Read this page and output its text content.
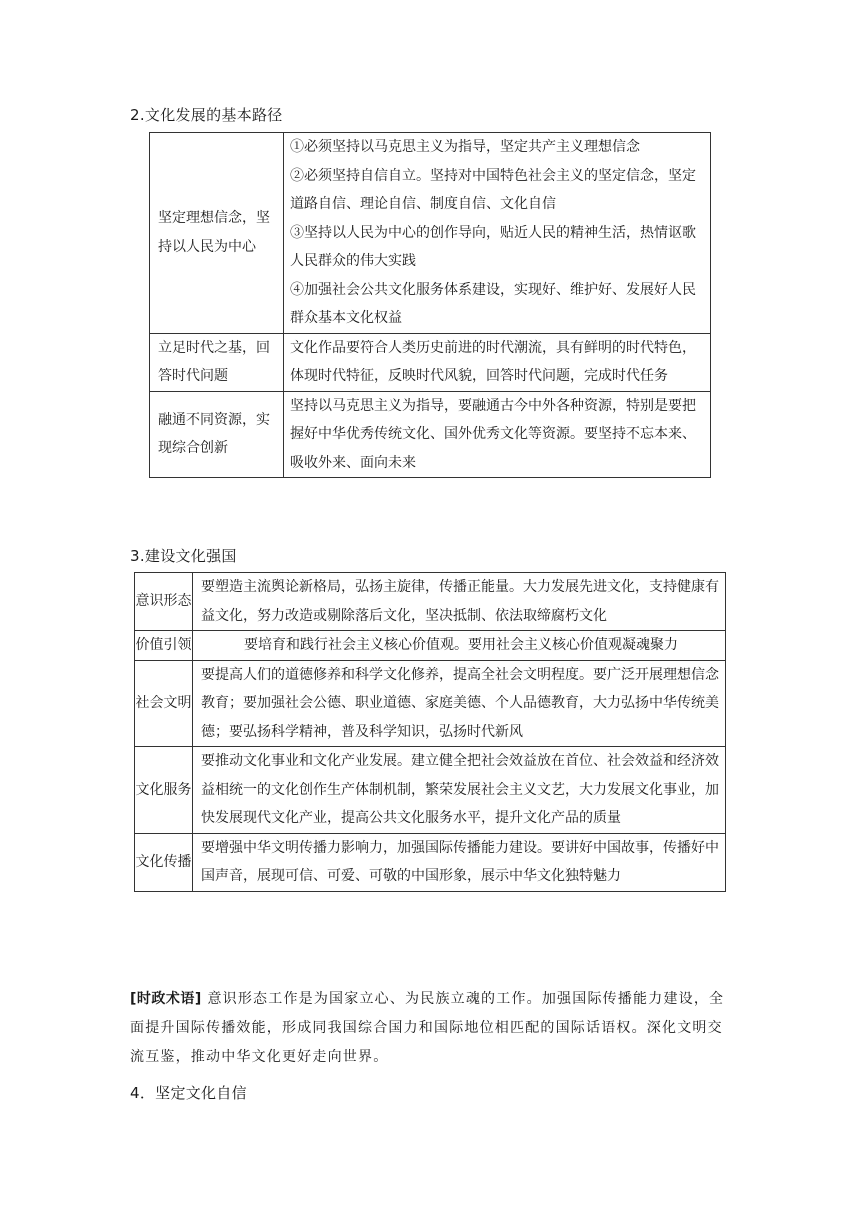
2.文化发展的基本路径
坚定理想信念，坚持以人民为中心	①必须坚持以马克思主义为指导，坚定共产主义理想信念

②必须坚持自信自立。坚持对中国特色社会主义的坚定信念，坚定道路自信、理论自信、制度自信、文化自信

③坚持以人民为中心的创作导向，贴近人民的精神生活，热情讴歌人民群众的伟大实践

④加强社会公共文化服务体系建设，实现好、维护好、发展好人民群众基本文化权益

立足时代之基，回答时代问题	文化作品要符合人类历史前进的时代潮流，具有鲜明的时代特色，体现时代特征，反映时代风貌，回答时代问题，完成时代任务

融通不同资源，实现综合创新	坚持以马克思主义为指导，要融通古今中外各种资源，特别是要把握好中华优秀传统文化、国外优秀文化等资源。要坚持不忘本来、吸收外来、面向未来

3.建设文化强国
意识形态	要塑造主流舆论新格局，弘扬主旋律，传播正能量。大力发展先进文化，支持健康有益文化，努力改造或剔除落后文化，坚决抵制、依法取缔腐朽文化
价值引领	要培育和践行社会主义核心价值观。要用社会主义核心价值观凝魂聚力
社会文明	要提高人们的道德修养和科学文化修养，提高全社会文明程度。要广泛开展理想信念教育；要加强社会公德、职业道德、家庭美德、个人品德教育，大力弘扬中华传统美德；要弘扬科学精神，普及科学知识，弘扬时代新风
文化服务	要推动文化事业和文化产业发展。建立健全把社会效益放在首位、社会效益和经济效益相统一的文化创作生产体制机制，繁荣发展社会主义文艺，大力发展文化事业，加快发展现代文化产业，提高公共文化服务水平，提升文化产品的质量
文化传播	要增强中华文明传播力影响力，加强国际传播能力建设。要讲好中国故事，传播好中国声音，展现可信、可爱、可敬的中国形象，展示中华文化独特魅力
[时政术语] 意识形态工作是为国家立心、为民族立魂的工作。加强国际传播能力建设，全面提升国际传播效能，形成同我国综合国力和国际地位相匹配的国际话语权。深化文明交流互鉴，推动中华文化更好走向世界。
4．坚定文化自信
